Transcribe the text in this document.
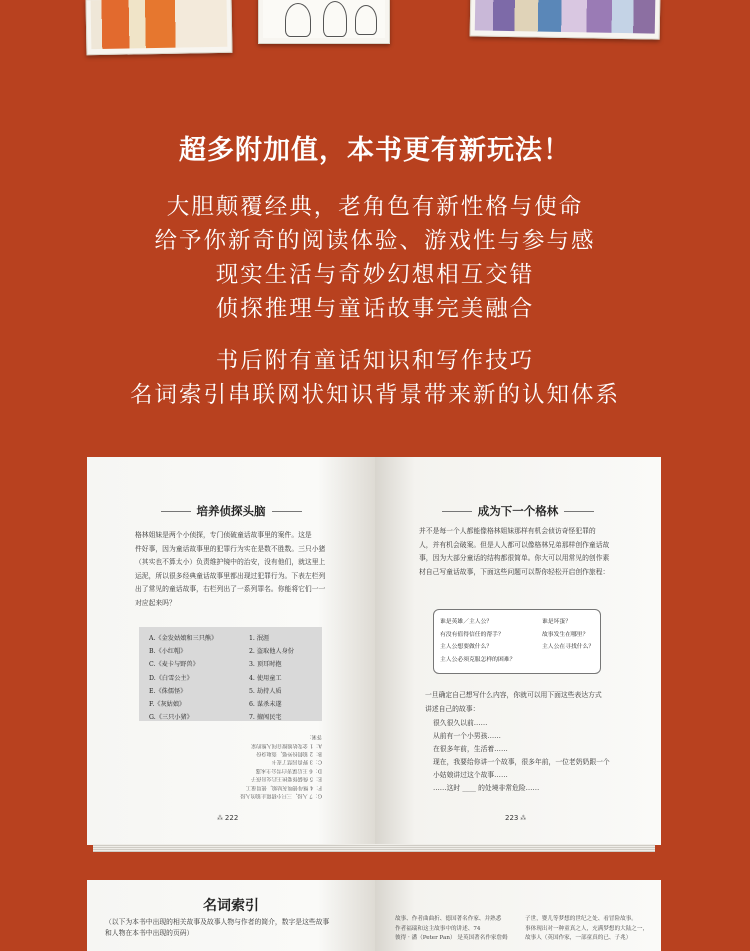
超多附加值，本书更有新玩法！
大胆颠覆经典，老角色有新性格与使命
给予你新奇的阅读体验、游戏性与参与感
现实生活与奇妙幻想相互交错
侦探推理与童话故事完美融合
书后附有童话知识和写作技巧
名词索引串联网状知识背景带来新的认知体系
培养侦探头脑
格林姐妹是两个小侦探，专门侦破童话故事里的案件。这是
件好事，因为童话故事里的犯罪行为实在是数不胜数。三只小猪
（其实也不算太小）负责维护镜中的治安，没有他们，就这里上
运泥，所以很多经典童话故事里都出现过犯罪行为。下表左栏列
出了常见的童话故事，右栏列出了一系列罪名。你能将它们一一
对应起来吗？
A.《金发姑娘和三只熊》
B.《小红帽》
C.《麦卡与野兽》
D.《白雪公主》
E.《侏儒怪》
F.《灰姑娘》
G.《三只小猪》
1. 泯涯
2. 盗取他人身份
3. 顶耳时抱
4. 使用童工
5. 劫持人质
6. 谋杀未遂
7. 擅闯民宅
G：7 入侵，三只小猪阻止狼的入侵
F：4 继母使唤灰姑娘，使用童工
E：5 侏儒怪要挟王后交出孩子
D：6 王后谋害白雪公主未遂
C：3 野兽囚禁了麦卡
B：2 狼假扮外婆，盗取身份
A：1 金发姑娘擅自闯入熊的家
答案：
⁂ 222
成为下一个格林
并不是每一个人都能像格林姐妹那样有机会侦访奇怪犯罪的
人，并有机会破案。但是人人都可以像格林兄弟那样创作童话故
事，因为大部分童话的结构都很简单。你大可以用常见的创作素
材自己写童话故事，下面这些问题可以帮你轻松开启创作旅程：
谁是英雄／主人公？
有没有值得信任的帮手？
主人公想要做什么？
主人公必须克服怎样的困难？
谁是坏蛋？
故事发生在哪里？
主人公在寻找什么？
一旦确定自己想写什么内容，你就可以用下面这些表达方式
讲述自己的故事：
很久很久以前……
从前有一个小男孩……
在很多年前，生活着……
现在，我要给你讲一个故事，很多年前，一位老奶奶跟一个
小姑娘讲过这个故事……
……这时 ____ 的处境非常危险……
223 ⁂
名词索引
（以下为本书中出现的相关故事及故事人物与作者的简介，数字是这些故事
和人物在本书中出现的页码）
故事、作者曲曲折、德国著名作家、并熟悉
作者福瑞和这主故事中的讲述、74
彼得 · 潘（Peter Pan） 是英国著名作家詹姆
子世，婴儿等梦想的世纪之处、看冒险故事。
事体现出对一种童真之人，充满梦想的大陆之一，
故事人（英国作家，一部童真的已、子兆）
